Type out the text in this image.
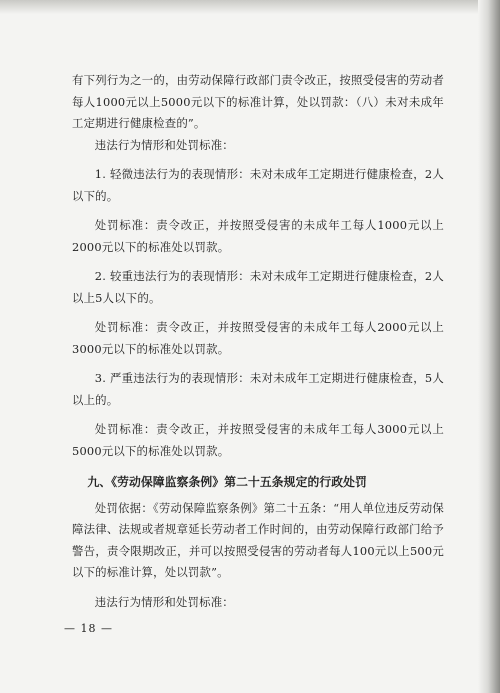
有下列行为之一的，由劳动保障行政部门责令改正，按照受侵害的劳动者每人1000元以上5000元以下的标准计算，处以罚款：（八）未对未成年工定期进行健康检查的”。

违法行为情形和处罚标准：

1. 轻微违法行为的表现情形：未对未成年工定期进行健康检查，2人以下的。

处罚标准：责令改正，并按照受侵害的未成年工每人1000元以上2000元以下的标准处以罚款。

2. 较重违法行为的表现情形：未对未成年工定期进行健康检查，2人以上5人以下的。

处罚标准：责令改正，并按照受侵害的未成年工每人2000元以上3000元以下的标准处以罚款。

3. 严重违法行为的表现情形：未对未成年工定期进行健康检查，5人以上的。

处罚标准：责令改正，并按照受侵害的未成年工每人3000元以上5000元以下的标准处以罚款。

九、《劳动保障监察条例》第二十五条规定的行政处罚

处罚依据：《劳动保障监察条例》第二十五条：“用人单位违反劳动保障法律、法规或者规章延长劳动者工作时间的，由劳动保障行政部门给予警告，责令限期改正，并可以按照受侵害的劳动者每人100元以上500元以下的标准计算，处以罚款”。

违法行为情形和处罚标准：

— 18 —
